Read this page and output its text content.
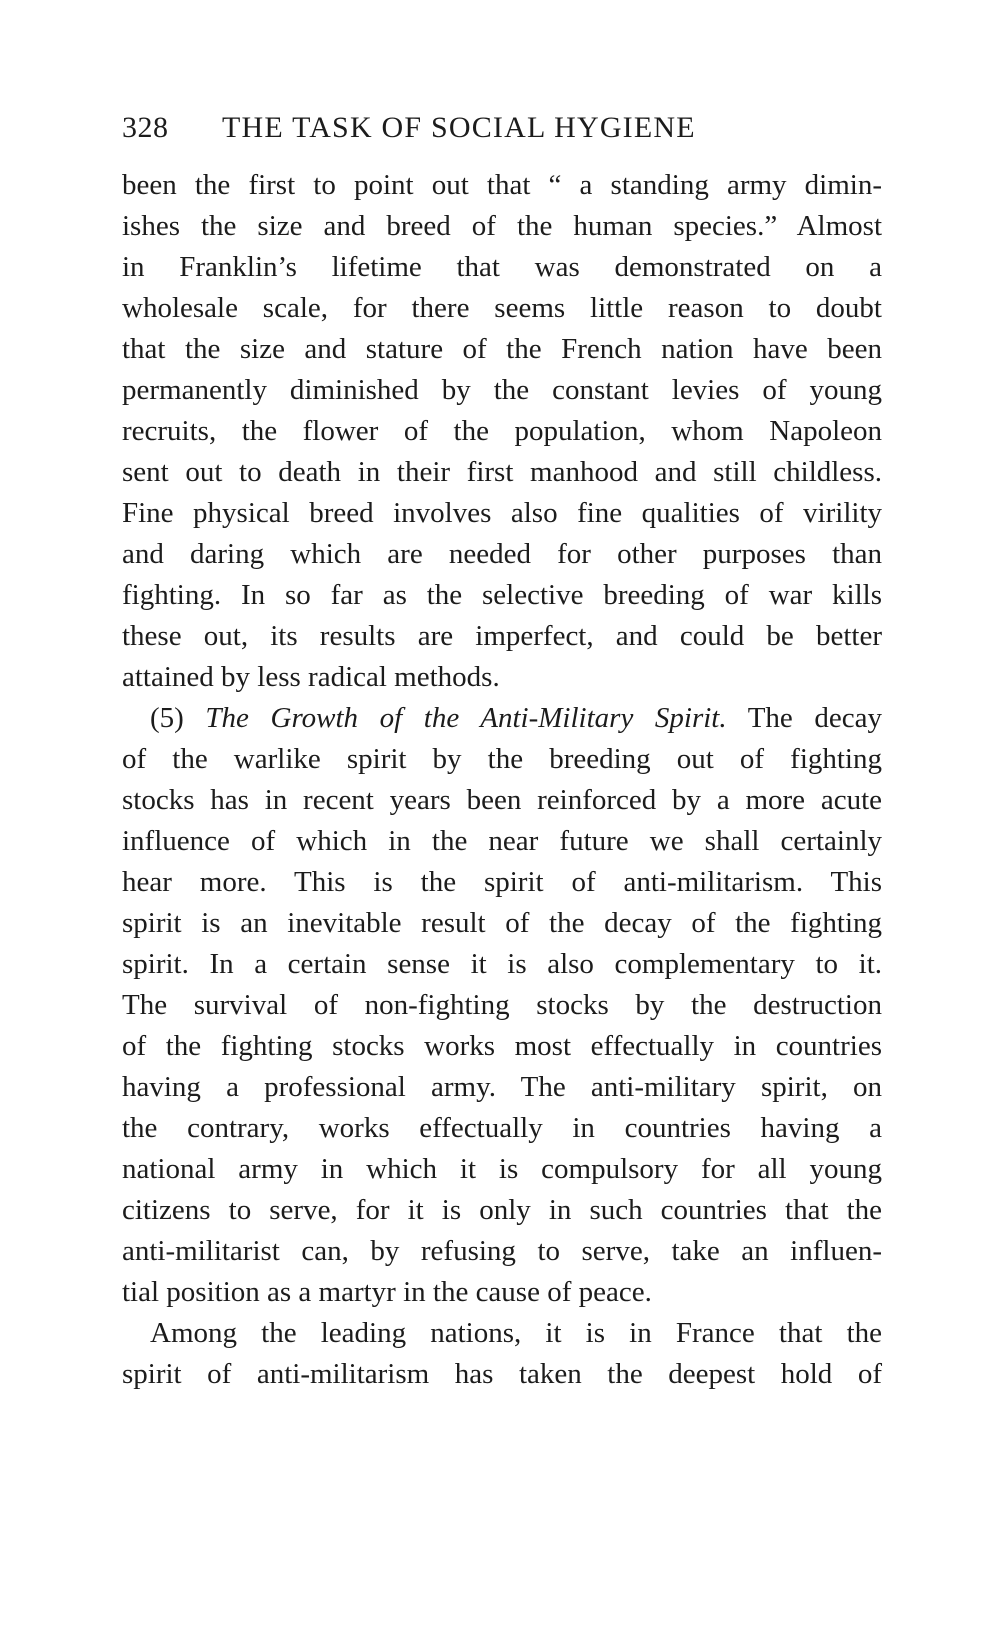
328 THE TASK OF SOCIAL HYGIENE
been the first to point out that “ a standing army dimin-
ishes the size and breed of the human species.” Almost
in Franklin’s lifetime that was demonstrated on a
wholesale scale, for there seems little reason to doubt
that the size and stature of the French nation have been
permanently diminished by the constant levies of young
recruits, the flower of the population, whom Napoleon
sent out to death in their first manhood and still childless.
Fine physical breed involves also fine qualities of virility
and daring which are needed for other purposes than
fighting. In so far as the selective breeding of war kills
these out, its results are imperfect, and could be better
attained by less radical methods.
(5) The Growth of the Anti-Military Spirit. The decay
of the warlike spirit by the breeding out of fighting
stocks has in recent years been reinforced by a more acute
influence of which in the near future we shall certainly
hear more. This is the spirit of anti-militarism. This
spirit is an inevitable result of the decay of the fighting
spirit. In a certain sense it is also complementary to it.
The survival of non-fighting stocks by the destruction
of the fighting stocks works most effectually in countries
having a professional army. The anti-military spirit, on
the contrary, works effectually in countries having a
national army in which it is compulsory for all young
citizens to serve, for it is only in such countries that the
anti-militarist can, by refusing to serve, take an influen-
tial position as a martyr in the cause of peace.
Among the leading nations, it is in France that the
spirit of anti-militarism has taken the deepest hold of
